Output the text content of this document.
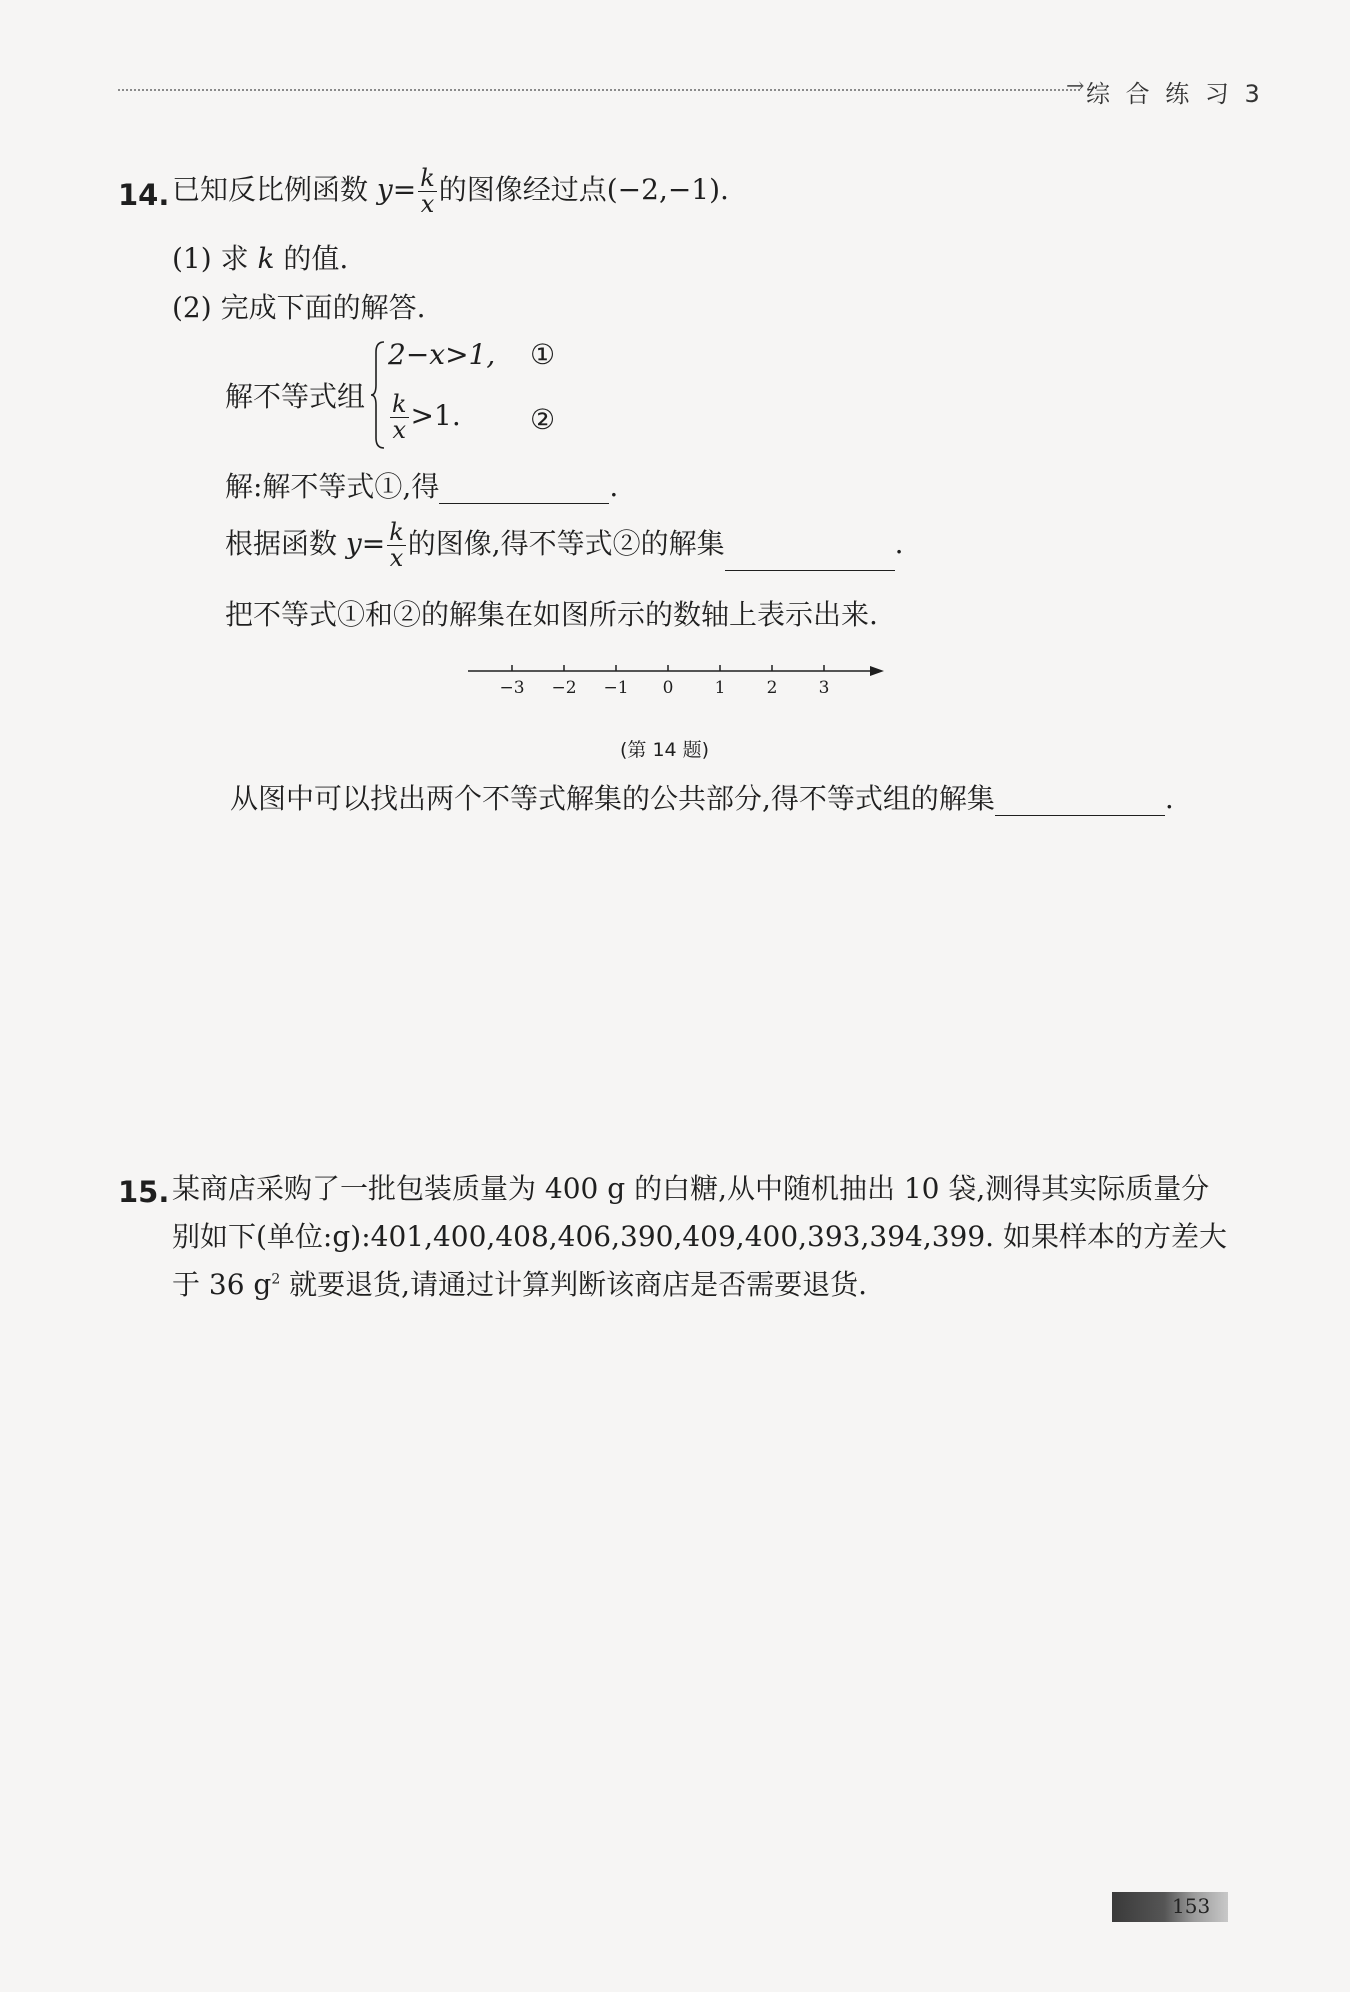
→ 综 合 练 习 3
14. 已知反比例函数 $y= \frac{k}{x}$ 的图像经过点(−2,−1).
(1) 求 k 的值.
(2) 完成下面的解答.
解不等式组
2−x>1, ①
$\frac{k}{x} >1$. ②
解:解不等式①,得	.
根据函数 $y= \frac{k}{x}$ 的图像,得不等式②的解集	.
把不等式①和②的解集在如图所示的数轴上表示出来.
−3 −2 −1 0 1 2 3
(第 14 题)
从图中可以找出两个不等式解集的公共部分,得不等式组的解集	.
15. 某商店采购了一批包装质量为 400 g 的白糖,从中随机抽出 10 袋,测得其实际质量分
别如下(单位:g):401,400,408,406,390,409,400,393,394,399. 如果样本的方差大
于 36 $g^2$ 就要退货,请通过计算判断该商店是否需要退货.
153
